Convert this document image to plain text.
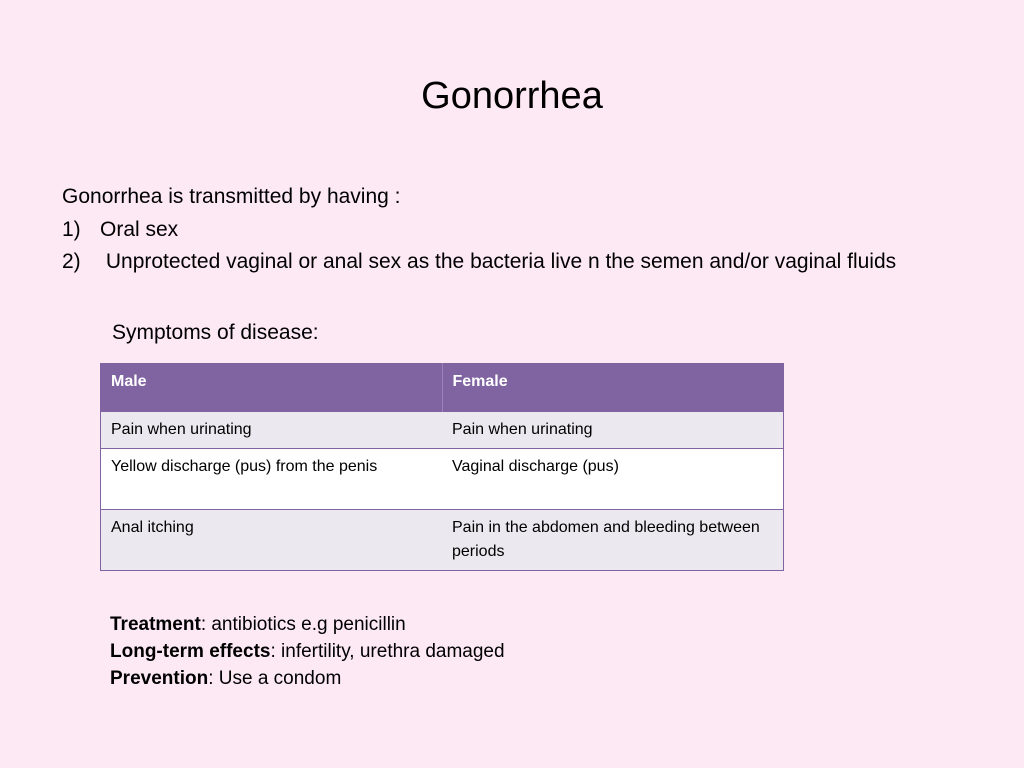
Gonorrhea
Gonorrhea is transmitted by having :
1) Oral sex
2) Unprotected vaginal or anal sex as the bacteria live n the semen and/or vaginal fluids
Symptoms of disease:
Male	Female
Pain when urinating	Pain when urinating
Yellow discharge (pus) from the penis	Vaginal discharge (pus)
Anal itching	Pain in the abdomen and bleeding between periods
Treatment: antibiotics e.g penicillin
Long-term effects: infertility, urethra damaged
Prevention: Use a condom
